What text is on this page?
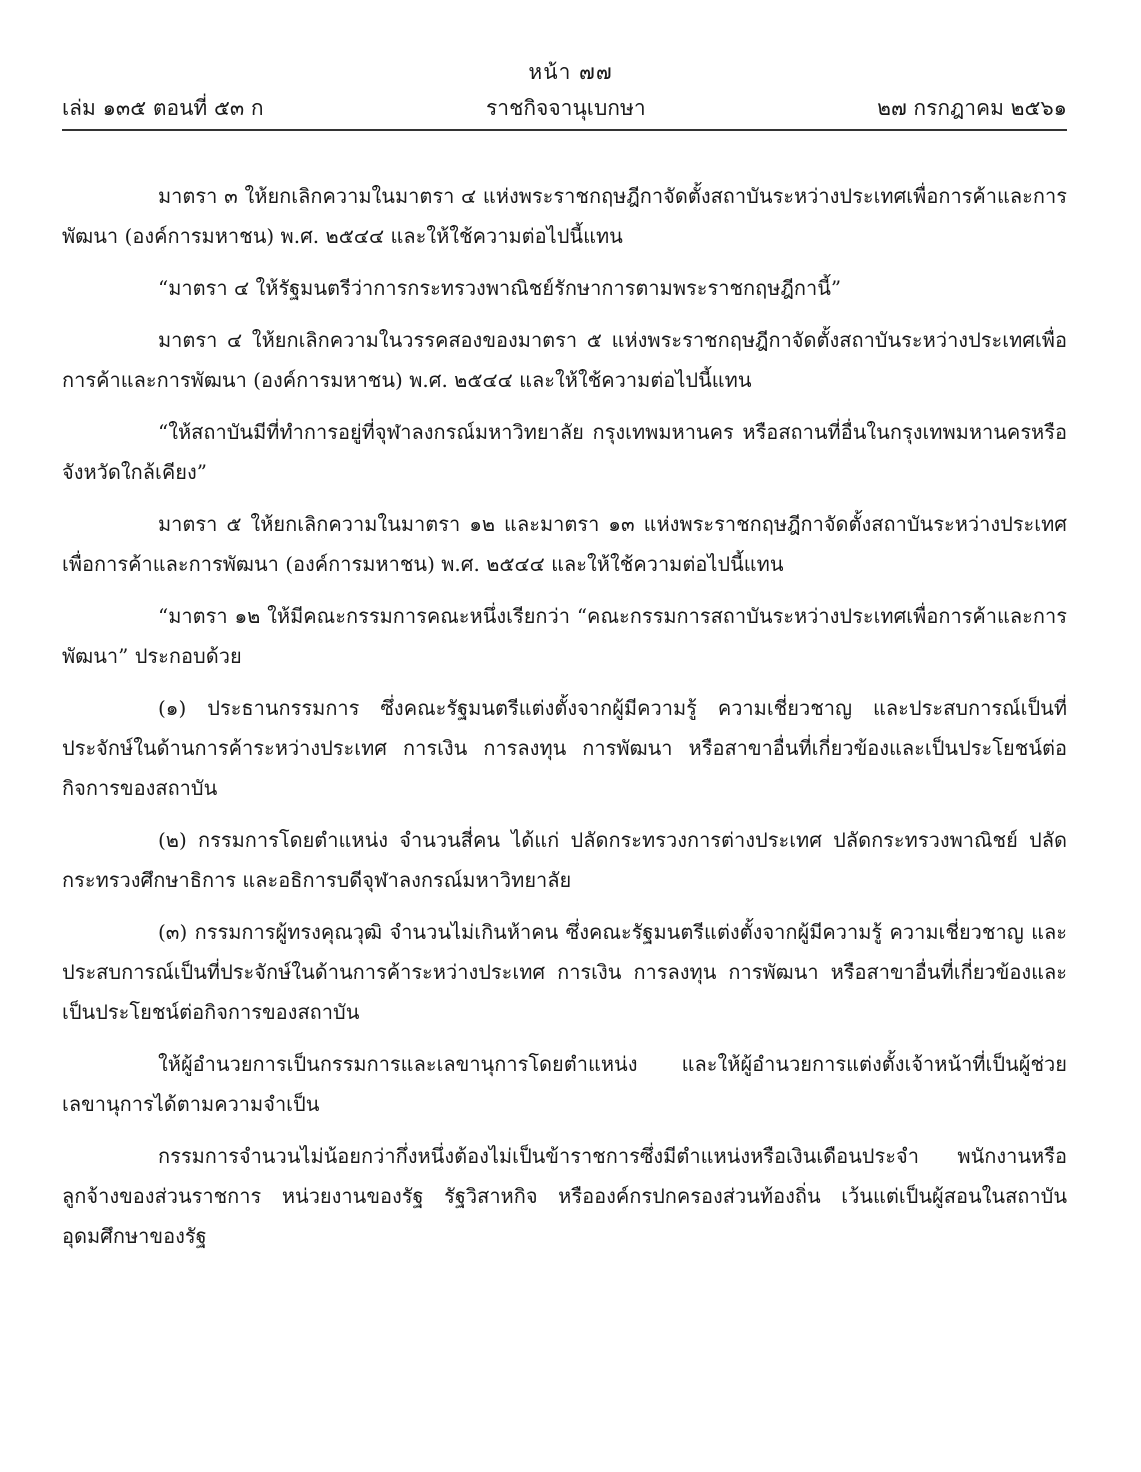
หน้า ๗๗
เล่ม ๑๓๕ ตอนที่ ๕๓ ก	ราชกิจจานุเบกษา	๒๗ กรกฎาคม ๒๕๖๑

มาตรา ๓ ให้ยกเลิกความในมาตรา ๔ แห่งพระราชกฤษฎีกาจัดตั้งสถาบันระหว่างประเทศเพื่อการค้าและการพัฒนา (องค์การมหาชน) พ.ศ. ๒๕๔๔ และให้ใช้ความต่อไปนี้แทน

“มาตรา ๔ ให้รัฐมนตรีว่าการกระทรวงพาณิชย์รักษาการตามพระราชกฤษฎีกานี้”

มาตรา ๔ ให้ยกเลิกความในวรรคสองของมาตรา ๕ แห่งพระราชกฤษฎีกาจัดตั้งสถาบันระหว่างประเทศเพื่อการค้าและการพัฒนา (องค์การมหาชน) พ.ศ. ๒๕๔๔ และให้ใช้ความต่อไปนี้แทน

“ให้สถาบันมีที่ทำการอยู่ที่จุฬาลงกรณ์มหาวิทยาลัย กรุงเทพมหานคร หรือสถานที่อื่นในกรุงเทพมหานครหรือจังหวัดใกล้เคียง”

มาตรา ๕ ให้ยกเลิกความในมาตรา ๑๒ และมาตรา ๑๓ แห่งพระราชกฤษฎีกาจัดตั้งสถาบันระหว่างประเทศเพื่อการค้าและการพัฒนา (องค์การมหาชน) พ.ศ. ๒๕๔๔ และให้ใช้ความต่อไปนี้แทน

“มาตรา ๑๒ ให้มีคณะกรรมการคณะหนึ่งเรียกว่า “คณะกรรมการสถาบันระหว่างประเทศเพื่อการค้าและการพัฒนา” ประกอบด้วย

(๑) ประธานกรรมการ ซึ่งคณะรัฐมนตรีแต่งตั้งจากผู้มีความรู้ ความเชี่ยวชาญ และประสบการณ์เป็นที่ประจักษ์ในด้านการค้าระหว่างประเทศ การเงิน การลงทุน การพัฒนา หรือสาขาอื่นที่เกี่ยวข้องและเป็นประโยชน์ต่อกิจการของสถาบัน

(๒) กรรมการโดยตำแหน่ง จำนวนสี่คน ได้แก่ ปลัดกระทรวงการต่างประเทศ ปลัดกระทรวงพาณิชย์ ปลัดกระทรวงศึกษาธิการ และอธิการบดีจุฬาลงกรณ์มหาวิทยาลัย

(๓) กรรมการผู้ทรงคุณวุฒิ จำนวนไม่เกินห้าคน ซึ่งคณะรัฐมนตรีแต่งตั้งจากผู้มีความรู้ ความเชี่ยวชาญ และประสบการณ์เป็นที่ประจักษ์ในด้านการค้าระหว่างประเทศ การเงิน การลงทุน การพัฒนา หรือสาขาอื่นที่เกี่ยวข้องและเป็นประโยชน์ต่อกิจการของสถาบัน

ให้ผู้อำนวยการเป็นกรรมการและเลขานุการโดยตำแหน่ง และให้ผู้อำนวยการแต่งตั้งเจ้าหน้าที่เป็นผู้ช่วยเลขานุการได้ตามความจำเป็น

กรรมการจำนวนไม่น้อยกว่ากึ่งหนึ่งต้องไม่เป็นข้าราชการซึ่งมีตำแหน่งหรือเงินเดือนประจำ พนักงานหรือลูกจ้างของส่วนราชการ หน่วยงานของรัฐ รัฐวิสาหกิจ หรือองค์กรปกครองส่วนท้องถิ่น เว้นแต่เป็นผู้สอนในสถาบันอุดมศึกษาของรัฐ
